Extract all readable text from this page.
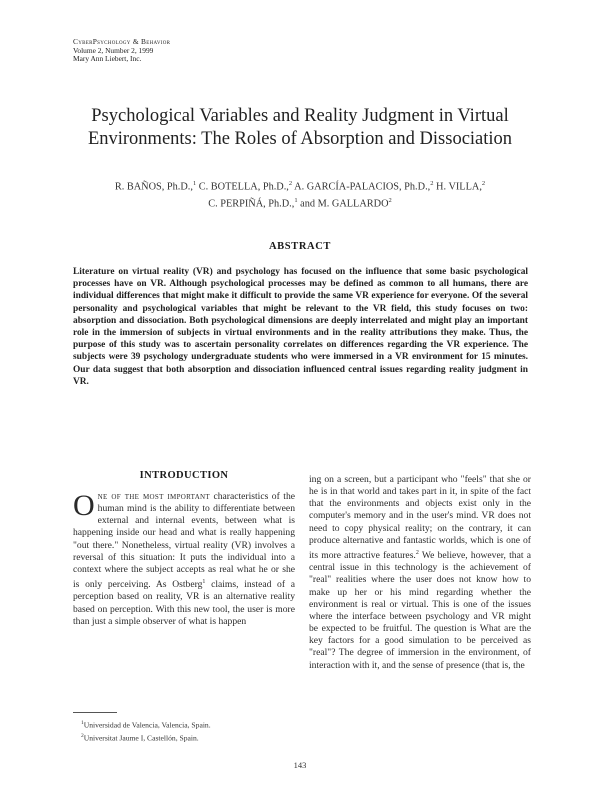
CyberPsychology & Behavior
Volume 2, Number 2, 1999
Mary Ann Liebert, Inc.
Psychological Variables and Reality Judgment in Virtual
Environments: The Roles of Absorption and Dissociation
R. BAÑOS, Ph.D.,$^1$ C. BOTELLA, Ph.D.,$^2$ A. GARCÍA-PALACIOS, Ph.D.,$^2$ H. VILLA,$^2$
C. PERPIÑÁ, Ph.D.,$^1$ and M. GALLARDO$^2$
ABSTRACT
Literature on virtual reality (VR) and psychology has focused on the influence that some basic psychological processes have on VR. Although psychological processes may be defined as common to all humans, there are individual differences that might make it difficult to provide the same VR experience for everyone. Of the several personality and psychological variables that might be relevant to the VR field, this study focuses on two: absorption and dissociation. Both psychological dimensions are deeply interrelated and might play an important role in the immersion of subjects in virtual environments and in the reality attributions they make. Thus, the purpose of this study was to ascertain personality correlates on differences regarding the VR experience. The subjects were 39 psychology undergraduate students who were immersed in a VR environment for 15 minutes. Our data suggest that both absorption and dissociation influenced central issues regarding reality judgment in VR.
INTRODUCTION
One of the most important characteristics of the human mind is the ability to differentiate between external and internal events, between what is happening inside our head and what is really happening "out there." Nonetheless, virtual reality (VR) involves a reversal of this situation: It puts the individual into a context where the subject accepts as real what he or she is only perceiving. As Ostberg$^1$ claims, instead of a perception based on reality, VR is an alternative reality based on perception. With this new tool, the user is more than just a simple observer of what is happen
ing on a screen, but a participant who "feels" that she or he is in that world and takes part in it, in spite of the fact that the environments and objects exist only in the computer's memory and in the user's mind. VR does not need to copy physical reality; on the contrary, it can produce alternative and fantastic worlds, which is one of its more attractive features.$^2$ We believe, however, that a central issue in this technology is the achievement of "real" realities where the user does not know how to make up her or his mind regarding whether the environment is real or virtual. This is one of the issues where the interface between psychology and VR might be expected to be fruitful. The question is What are the key factors for a good simulation to be perceived as "real"? The degree of immersion in the environment, of interaction with it, and the sense of presence (that is, the
$^1$Universidad de Valencia, Valencia, Spain.
$^2$Universitat Jaume I, Castellón, Spain.
143
